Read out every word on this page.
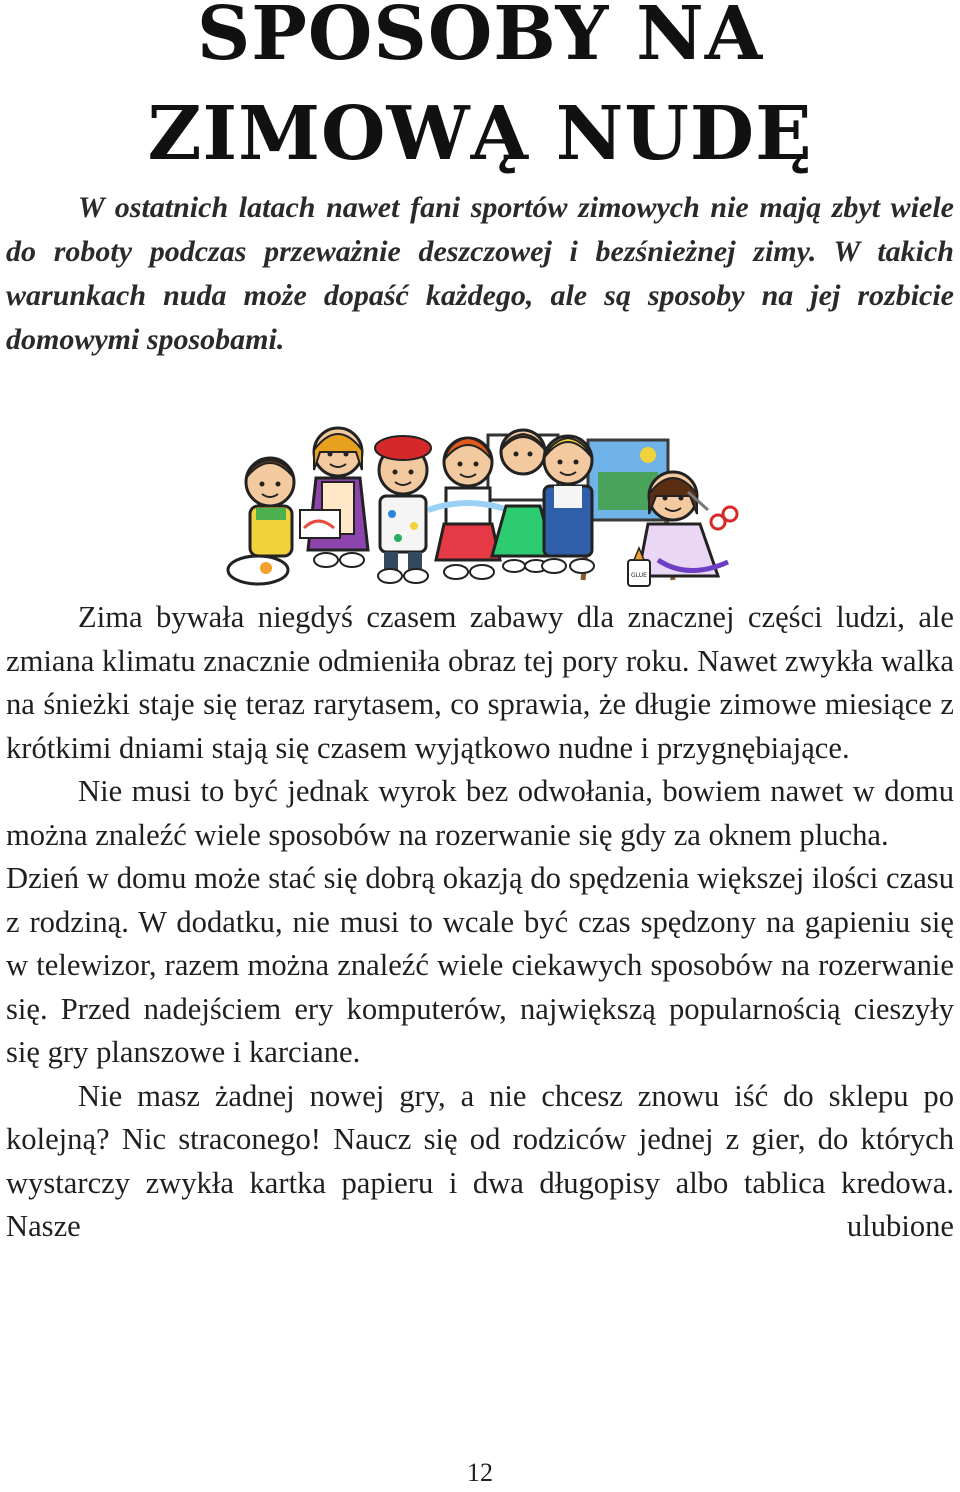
SPOSOBY NA
ZIMOWĄ NUDĘ

W ostatnich latach nawet fani sportów zimowych nie mają zbyt wiele do roboty podczas przeważnie deszczowej i bezśnieżnej zimy. W takich warunkach nuda może dopaść każdego, ale są sposoby na jej rozbicie domowymi sposobami.

GLUE

Zima bywała niegdyś czasem zabawy dla znacznej części ludzi, ale zmiana klimatu znacznie odmieniła obraz tej pory roku. Nawet zwykła walka na śnieżki staje się teraz rarytasem, co sprawia, że długie zimowe miesiące z krótkimi dniami stają się czasem wyjątkowo nudne i przygnębiające.

Nie musi to być jednak wyrok bez odwołania, bowiem nawet w domu można znaleźć wiele sposobów na rozerwanie się gdy za oknem plucha.

Dzień w domu może stać się dobrą okazją do spędzenia większej ilości czasu z rodziną. W dodatku, nie musi to wcale być czas spędzony na gapieniu się w telewizor, razem można znaleźć wiele ciekawych sposobów na rozerwanie się. Przed nadejściem ery komputerów, największą popularnością cieszyły się gry planszowe i karciane.

Nie masz żadnej nowej gry, a nie chcesz znowu iść do sklepu po kolejną? Nic straconego! Naucz się od rodziców jednej z gier, do których wystarczy zwykła kartka papieru i dwa długopisy albo tablica kredowa. Nasze ulubione

12
